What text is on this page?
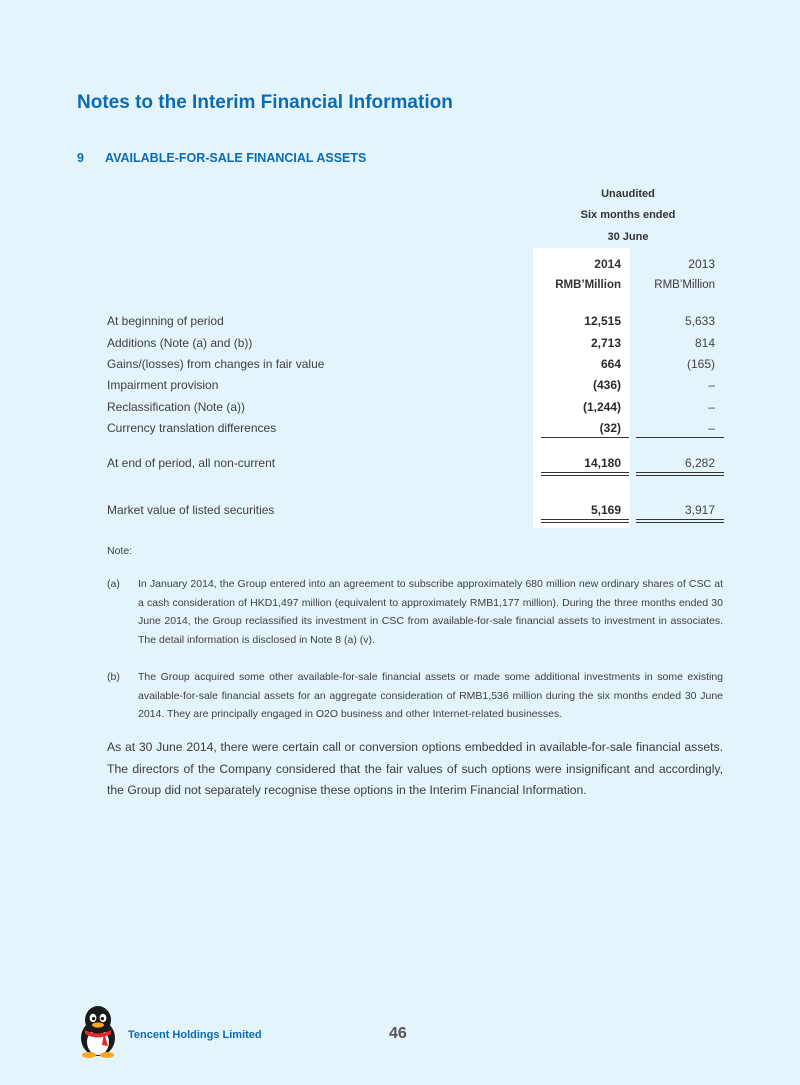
Notes to the Interim Financial Information
9 AVAILABLE-FOR-SALE FINANCIAL ASSETS
Unaudited
Six months ended
30 June
2014	2013
RMB’Million	RMB’Million
At beginning of period	12,515	5,633
Additions (Note (a) and (b))	2,713	814
Gains/(losses) from changes in fair value	664	(165)
Impairment provision	(436)	–
Reclassification (Note (a))	(1,244)	–
Currency translation differences	(32)	–
At end of period, all non-current	14,180	6,282
Market value of listed securities	5,169	3,917
Note:
(a) In January 2014, the Group entered into an agreement to subscribe approximately 680 million new ordinary shares of CSC at a cash consideration of HKD1,497 million (equivalent to approximately RMB1,177 million). During the three months ended 30 June 2014, the Group reclassified its investment in CSC from available-for-sale financial assets to investment in associates. The detail information is disclosed in Note 8 (a) (v).
(b) The Group acquired some other available-for-sale financial assets or made some additional investments in some existing available-for-sale financial assets for an aggregate consideration of RMB1,536 million during the six months ended 30 June 2014. They are principally engaged in O2O business and other Internet-related businesses.
As at 30 June 2014, there were certain call or conversion options embedded in available-for-sale financial assets. The directors of the Company considered that the fair values of such options were insignificant and accordingly, the Group did not separately recognise these options in the Interim Financial Information.
Tencent Holdings Limited	46
